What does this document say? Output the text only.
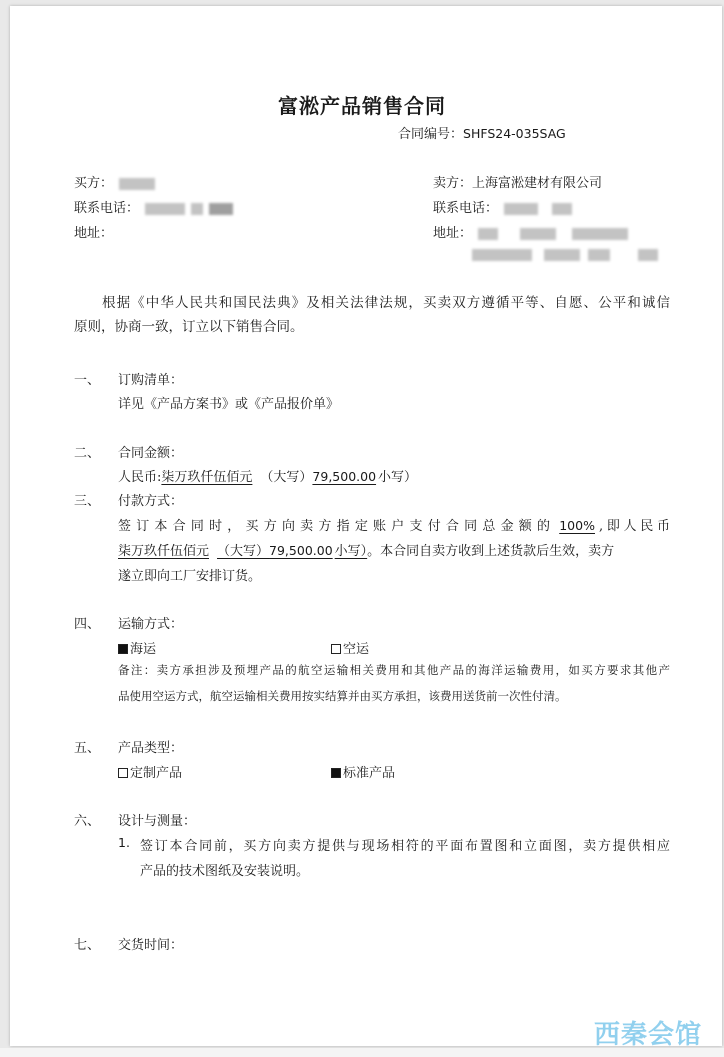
富淞产品销售合同
合同编号：SHFS24-035SAG
买方：
联系电话：
地址：
卖方：上海富淞建材有限公司
联系电话：
地址：
根据《中华人民共和国民法典》及相关法律法规，买卖双方遵循平等、自愿、公平和诚信
原则，协商一致，订立以下销售合同。
一、 订购清单：
详见《产品方案书》或《产品报价单》
二、 合同金额：
人民币:柒万玖仟伍佰元 （大写）79,500.00 小写）
三、 付款方式：
签订本合同时，买方向卖方指定账户支付合同总金额的 100% ,即人民币
柒万玖仟伍佰元 （大写）79,500.00 小写）。本合同自卖方收到上述货款后生效，卖方
遂立即向工厂安排订货。
四、 运输方式：
海运	空运
备注：卖方承担涉及预埋产品的航空运输相关费用和其他产品的海洋运输费用，如买方要求其他产
品使用空运方式，航空运输相关费用按实结算并由买方承担，该费用送货前一次性付清。
五、 产品类型：
定制产品	标准产品
六、 设计与测量：
1. 签订本合同前，买方向卖方提供与现场相符的平面布置图和立面图，卖方提供相应
产品的技术图纸及安装说明。
七、 交货时间：
西秦会馆
